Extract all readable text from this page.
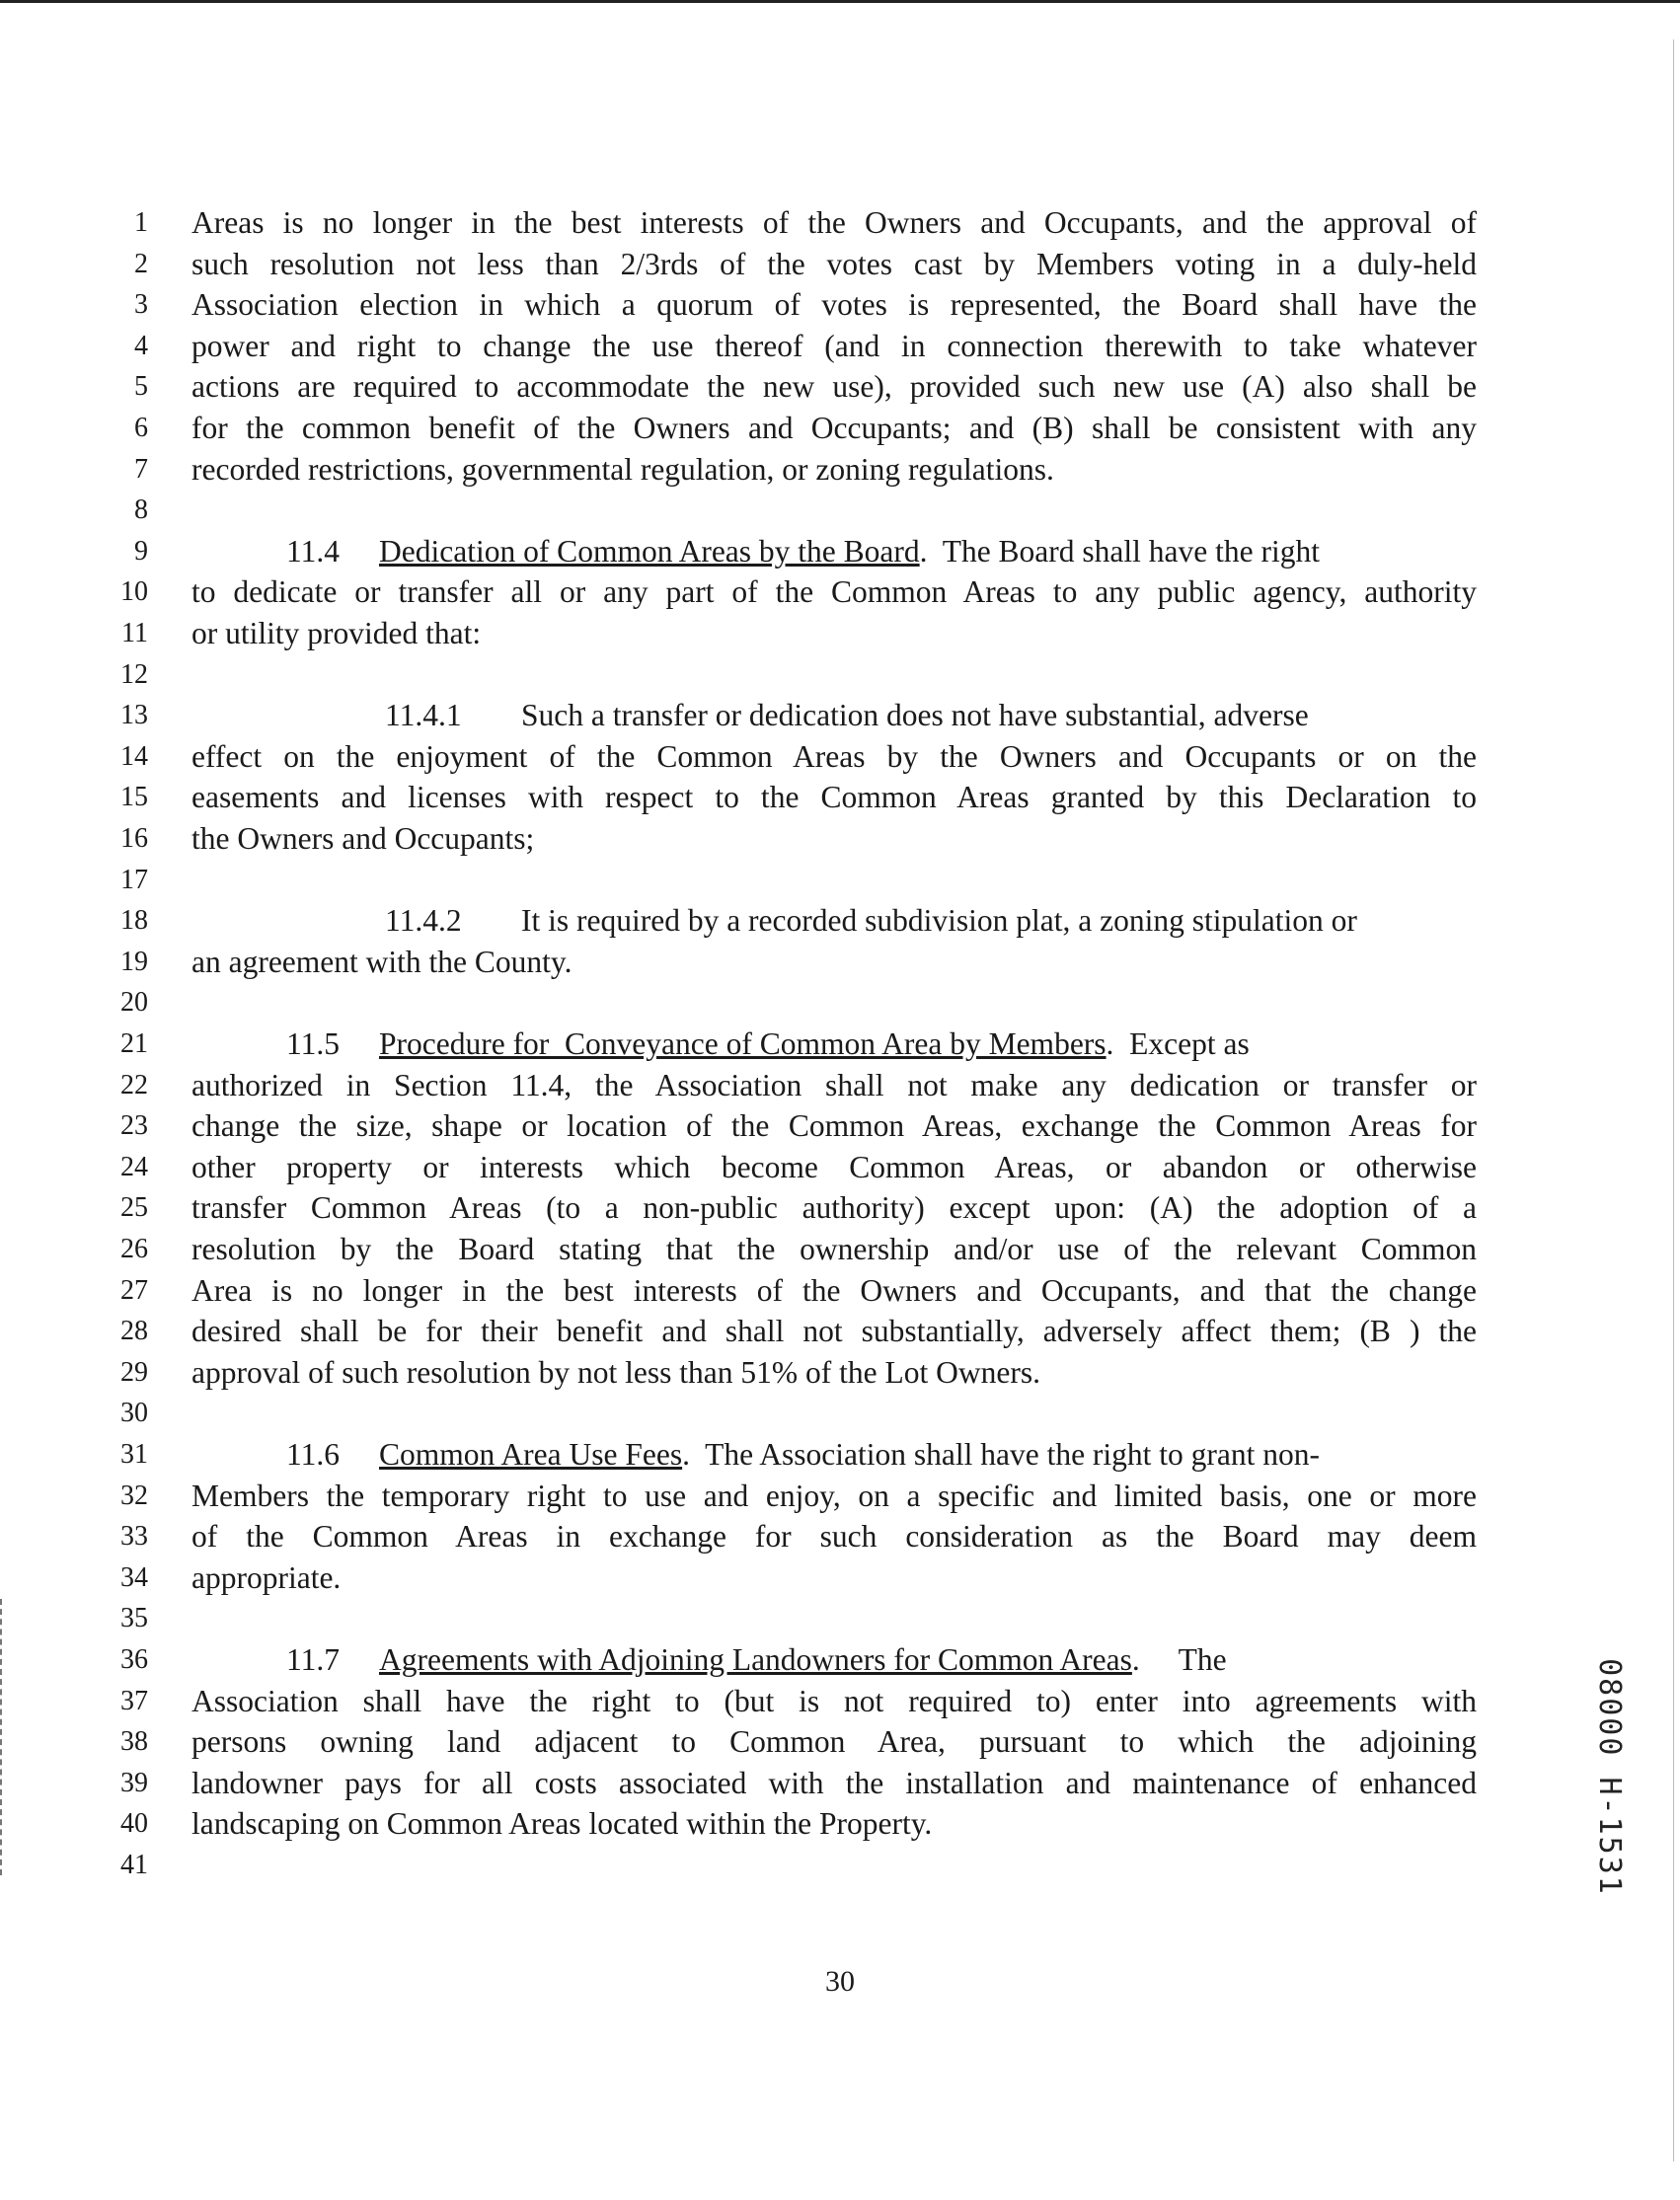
1 Areas is no longer in the best interests of the Owners and Occupants, and the approval of
2 such resolution not less than 2/3rds of the votes cast by Members voting in a duly-held
3 Association election in which a quorum of votes is represented, the Board shall have the
4 power and right to change the use thereof (and in connection therewith to take whatever
5 actions are required to accommodate the new use), provided such new use (A) also shall be
6 for the common benefit of the Owners and Occupants; and (B) shall be consistent with any
7 recorded restrictions, governmental regulation, or zoning regulations.
8
9	11.4 Dedication of Common Areas by the Board.  The Board shall have the right
10 to dedicate or transfer all or any part of the Common Areas to any public agency, authority
11 or utility provided that:
12
13	11.4.1 Such a transfer or dedication does not have substantial, adverse
14 effect on the enjoyment of the Common Areas by the Owners and Occupants or on the
15 easements and licenses with respect to the Common Areas granted by this Declaration to
16 the Owners and Occupants;
17
18	11.4.2 It is required by a recorded subdivision plat, a zoning stipulation or
19 an agreement with the County.
20
21	11.5 Procedure for  Conveyance of Common Area by Members.  Except as
22 authorized in Section 11.4, the Association shall not make any dedication or transfer or
23 change the size, shape or location of the Common Areas, exchange the Common Areas for
24 other property or interests which become Common Areas, or abandon or otherwise
25 transfer Common Areas (to a non-public authority) except upon: (A) the adoption of a
26 resolution by the Board stating that the ownership and/or use of the relevant Common
27 Area is no longer in the best interests of the Owners and Occupants, and that the change
28 desired shall be for their benefit and shall not substantially, adversely affect them; (B ) the
29 approval of such resolution by not less than 51% of the Lot Owners.
30
31	11.6 Common Area Use Fees.  The Association shall have the right to grant non-
32 Members the temporary right to use and enjoy, on a specific and limited basis, one or more
33 of the Common Areas in exchange for such consideration as the Board may deem
34 appropriate.
35
36	11.7 Agreements with Adjoining Landowners for Common Areas.     The
37 Association shall have the right to (but is not required to) enter into agreements with
38 persons owning land adjacent to Common Area, pursuant to which the adjoining
39 landowner pays for all costs associated with the installation and maintenance of enhanced
40 landscaping on Common Areas located within the Property.
41
30
08000 H-1531
